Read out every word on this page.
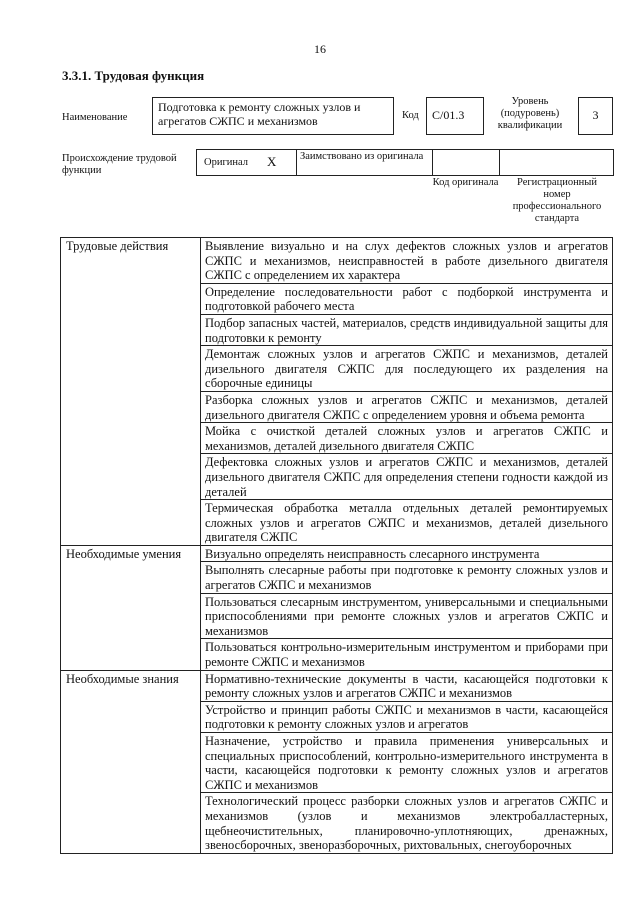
16
3.3.1. Трудовая функция
Наименование
Подготовка к ремонту сложных узлов и агрегатов СЖПС и механизмов	Код	С/01.3
Уровень (подуровень) квалификации
3
Происхождение трудовой функции
Оригинал Х Заимствовано из оригинала
Код оригинала	Регистрационный номер профессионального стандарта
Трудовые действия	Выявление визуально и на слух дефектов сложных узлов и агрегатов СЖПС и механизмов, неисправностей в работе дизельного двигателя СЖПС с определением их характера
	Определение последовательности работ с подборкой инструмента и подготовкой рабочего места
	Подбор запасных частей, материалов, средств индивидуальной защиты для подготовки к ремонту
	Демонтаж сложных узлов и агрегатов СЖПС и механизмов, деталей дизельного двигателя СЖПС для последующего их разделения на сборочные единицы
	Разборка сложных узлов и агрегатов СЖПС и механизмов, деталей дизельного двигателя СЖПС с определением уровня и объема ремонта
	Мойка с очисткой деталей сложных узлов и агрегатов СЖПС и механизмов, деталей дизельного двигателя СЖПС
	Дефектовка сложных узлов и агрегатов СЖПС и механизмов, деталей дизельного двигателя СЖПС для определения степени годности каждой из деталей
	Термическая обработка металла отдельных деталей ремонтируемых сложных узлов и агрегатов СЖПС и механизмов, деталей дизельного двигателя СЖПС
Необходимые умения	Визуально определять неисправность слесарного инструмента
	Выполнять слесарные работы при подготовке к ремонту сложных узлов и агрегатов СЖПС и механизмов
	Пользоваться слесарным инструментом, универсальными и специальными приспособлениями при ремонте сложных узлов и агрегатов СЖПС и механизмов
	Пользоваться контрольно-измерительным инструментом и приборами при ремонте СЖПС и механизмов
Необходимые знания	Нормативно-технические документы в части, касающейся подготовки к ремонту сложных узлов и агрегатов СЖПС и механизмов
	Устройство и принцип работы СЖПС и механизмов в части, касающейся подготовки к ремонту сложных узлов и агрегатов
	Назначение, устройство и правила применения универсальных и специальных приспособлений, контрольно-измерительного инструмента в части, касающейся подготовки к ремонту сложных узлов и агрегатов СЖПС и механизмов
	Технологический процесс разборки сложных узлов и агрегатов СЖПС и механизмов (узлов и механизмов электробалластерных, щебнеочистительных, планировочно-уплотняющих, дренажных, звеносборочных, звеноразборочных, рихтовальных, снегоуборочных
